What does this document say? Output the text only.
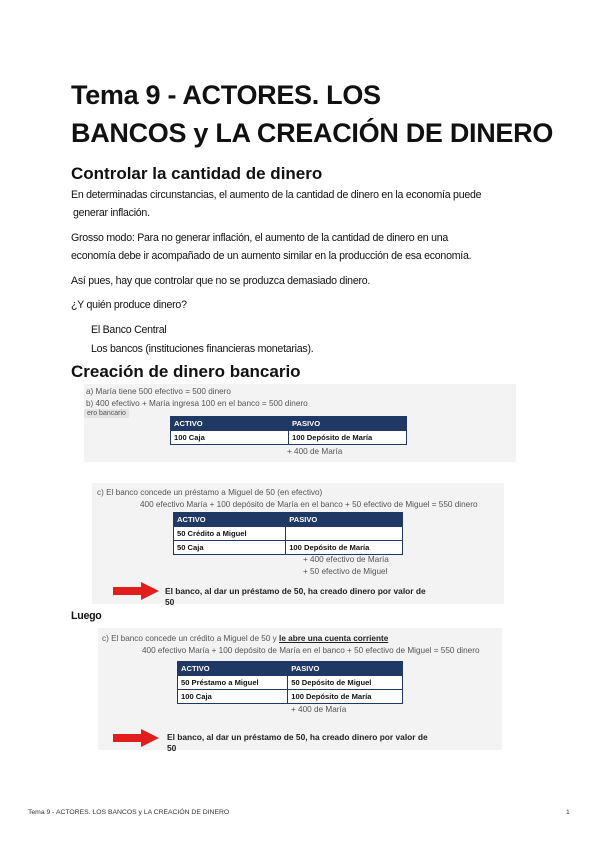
Tema 9 - ACTORES. LOS
BANCOS y LA CREACIÓN DE DINERO
Controlar la cantidad de dinero
En determinadas circunstancias, el aumento de la cantidad de dinero en la economía puede
generar inflación.
Grosso modo: Para no generar inflación, el aumento de la cantidad de dinero en una
economía debe ir acompañado de un aumento similar en la producción de esa economía.
Así pues, hay que controlar que no se produzca demasiado dinero.
¿Y quién produce dinero?
El Banco Central
Los bancos (instituciones financieras monetarias).
Creación de dinero bancario
a) María tiene 500 efectivo = 500 dinero
b) 400 efectivo + María ingresa 100 en el banco = 500 dinero
ero bancario
ACTIVO	PASIVO
100 Caja	100 Depósito de María
+ 400 de María
c) El banco concede un préstamo a Miguel de 50 (en efectivo)
400 efectivo María + 100 depósito de María en el banco + 50 efectivo de Miguel = 550 dinero
ACTIVO	PASIVO
50 Crédito a Miguel	
50 Caja	100 Depósito de María
+ 400 efectivo de María
+ 50 efectivo de Miguel
El banco, al dar un préstamo de 50, ha creado dinero por valor de
50
Luego
c) El banco concede un crédito a Miguel de 50 y le abre una cuenta corriente
400 efectivo María + 100 depósito de María en el banco + 50 efectivo de Miguel = 550 dinero
ACTIVO	PASIVO
50 Préstamo a Miguel	50 Depósito de Miguel
100 Caja	100 Depósito de María
+ 400 de María
El banco, al dar un préstamo de 50, ha creado dinero por valor de
50
Tema 9 - ACTORES. LOS BANCOS y LA CREACIÓN DE DINERO	1
